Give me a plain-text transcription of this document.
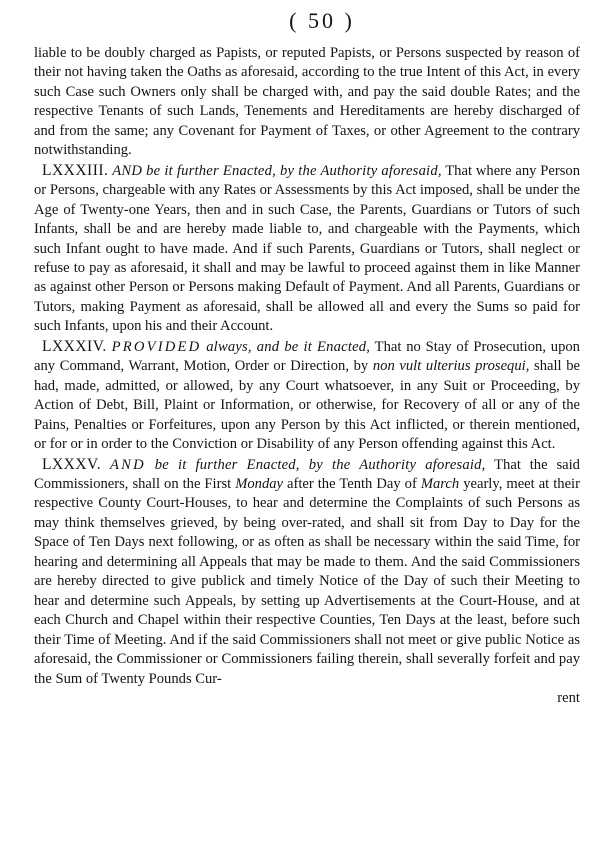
( 50 )

liable to be doubly charged as Papists, or reputed Papists, or Persons suspected by reason of their not having taken the Oaths as aforesaid, according to the true Intent of this Act, in every such Case such Owners only shall be charged with, and pay the said double Rates; and the respective Tenants of such Lands, Tenements and Hereditaments are hereby discharged of and from the same; any Covenant for Payment of Taxes, or other Agreement to the contrary notwithstanding.

LXXXIII. AND be it further Enacted, by the Authority aforesaid, That where any Person or Persons, chargeable with any Rates or Assessments by this Act imposed, shall be under the Age of Twenty-one Years, then and in such Case, the Parents, Guardians or Tutors of such Infants, shall be and are hereby made liable to, and chargeable with the Payments, which such Infant ought to have made. And if such Parents, Guardians or Tutors, shall neglect or refuse to pay as aforesaid, it shall and may be lawful to proceed against them in like Manner as against other Person or Persons making Default of Payment. And all Parents, Guardians or Tutors, making Payment as aforesaid, shall be allowed all and every the Sums so paid for such Infants, upon his and their Account.

LXXXIV. PROVIDED always, and be it Enacted, That no Stay of Prosecution, upon any Command, Warrant, Motion, Order or Direction, by non vult ulterius prosequi, shall be had, made, admitted, or allowed, by any Court whatsoever, in any Suit or Proceeding, by Action of Debt, Bill, Plaint or Information, or otherwise, for Recovery of all or any of the Pains, Penalties or Forfeitures, upon any Person by this Act inflicted, or therein mentioned, or for or in order to the Conviction or Disability of any Person offending against this Act.

LXXXV. AND be it further Enacted, by the Authority aforesaid, That the said Commissioners, shall on the First Monday after the Tenth Day of March yearly, meet at their respective County Court-Houses, to hear and determine the Complaints of such Persons as may think themselves grieved, by being over-rated, and shall sit from Day to Day for the Space of Ten Days next following, or as often as shall be necessary within the said Time, for hearing and determining all Appeals that may be made to them. And the said Commissioners are hereby directed to give publick and timely Notice of the Day of such their Meeting to hear and determine such Appeals, by setting up Advertisements at the Court-House, and at each Church and Chapel within their respective Counties, Ten Days at the least, before such their Time of Meeting. And if the said Commissioners shall not meet or give public Notice as aforesaid, the Commissioner or Commissioners failing therein, shall severally forfeit and pay the Sum of Twenty Pounds Cur-

rent
